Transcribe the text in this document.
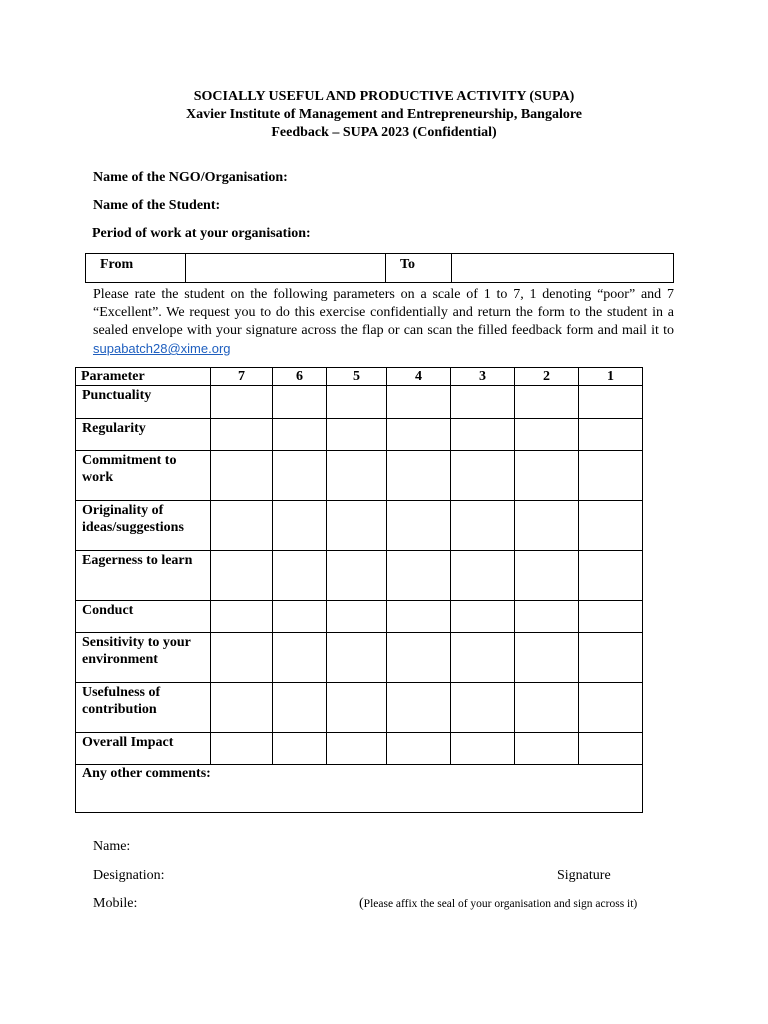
SOCIALLY USEFUL AND PRODUCTIVE ACTIVITY (SUPA)
Xavier Institute of Management and Entrepreneurship, Bangalore
Feedback – SUPA 2023 (Confidential)
Name of the NGO/Organisation:
Name of the Student:
Period of work at your organisation:
From		To	
Please rate the student on the following parameters on a scale of 1 to 7, 1 denoting “poor” and 7 “Excellent”. We request you to do this exercise confidentially and return the form to the student in a sealed envelope with your signature across the flap or can scan the filled feedback form and mail it to supabatch28@xime.org
Parameter	7	6	5	4	3	2	1
Punctuality							
Regularity							
Commitment to work							
Originality of ideas/suggestions							
Eagerness to learn							
Conduct							
Sensitivity to your environment							
Usefulness of contribution							
Overall Impact							
Any other comments:							
Name:
Designation:	Signature
Mobile:	(Please affix the seal of your organisation and sign across it)
